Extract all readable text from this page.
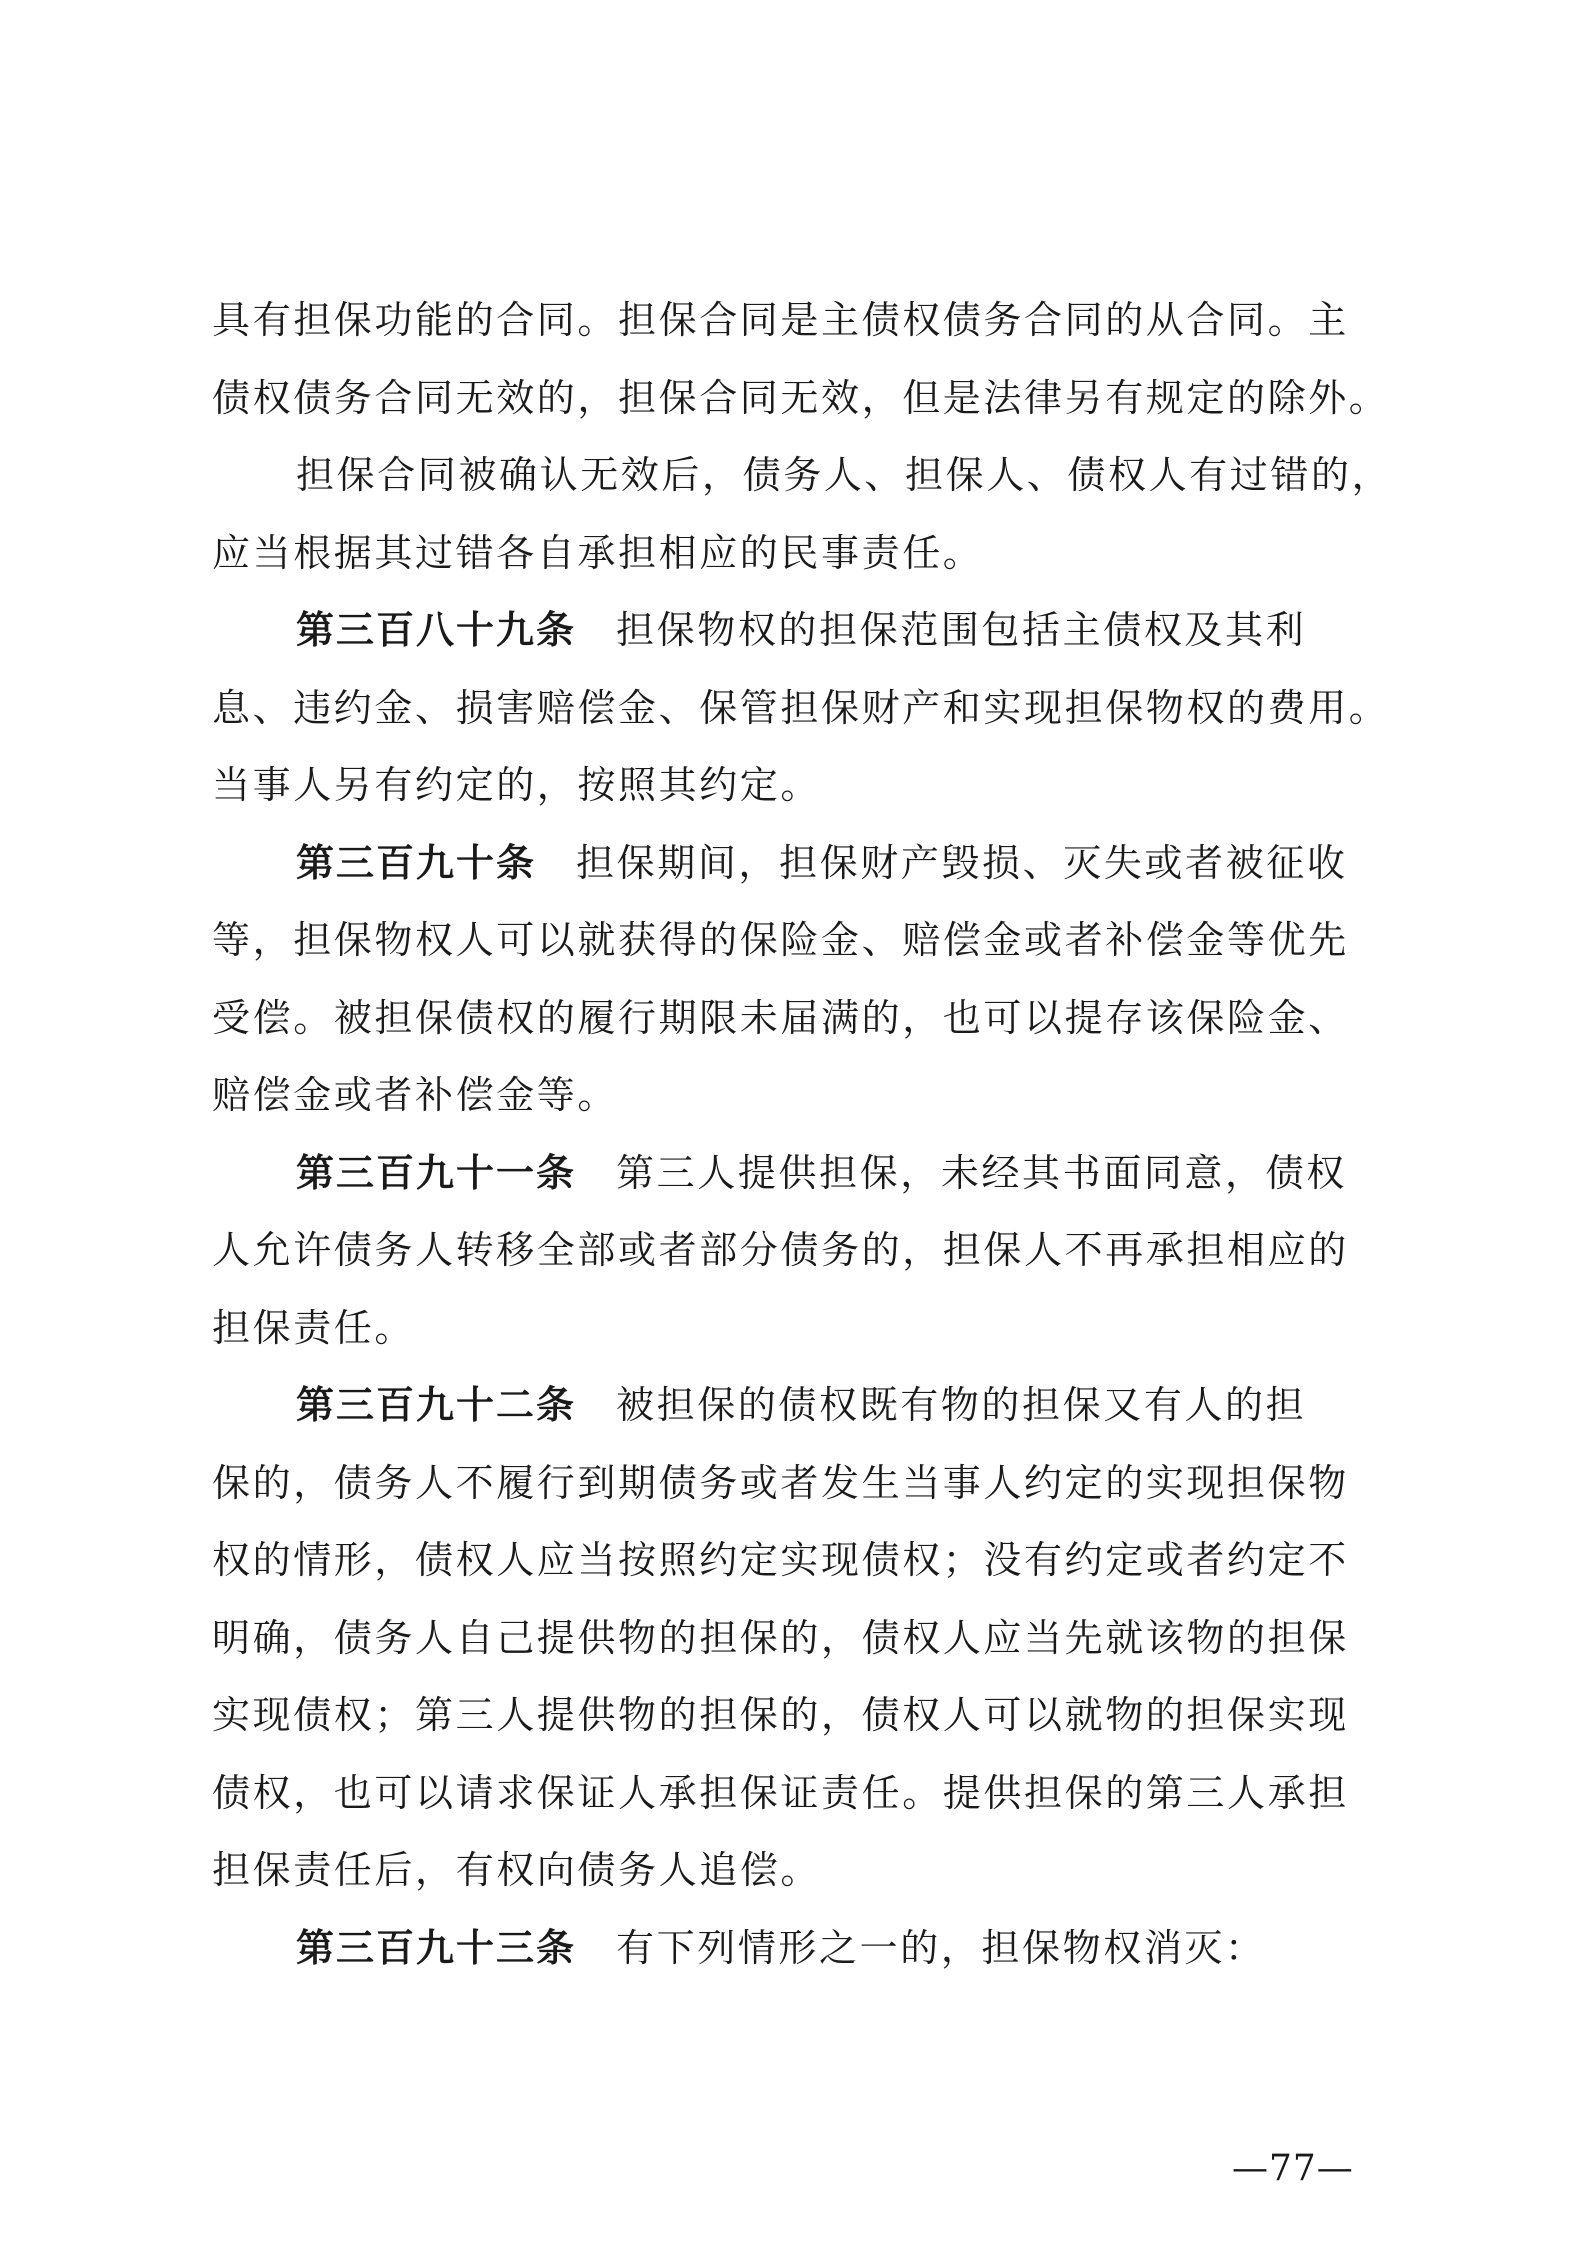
具有担保功能的合同。担保合同是主债权债务合同的从合同。主
债权债务合同无效的，担保合同无效，但是法律另有规定的除外。
担保合同被确认无效后，债务人、担保人、债权人有过错的，
应当根据其过错各自承担相应的民事责任。
第三百八十九条 担保物权的担保范围包括主债权及其利
息、违约金、损害赔偿金、保管担保财产和实现担保物权的费用。
当事人另有约定的，按照其约定。
第三百九十条 担保期间，担保财产毁损、灭失或者被征收
等，担保物权人可以就获得的保险金、赔偿金或者补偿金等优先
受偿。被担保债权的履行期限未届满的，也可以提存该保险金、
赔偿金或者补偿金等。
第三百九十一条 第三人提供担保，未经其书面同意，债权
人允许债务人转移全部或者部分债务的，担保人不再承担相应的
担保责任。
第三百九十二条 被担保的债权既有物的担保又有人的担
保的，债务人不履行到期债务或者发生当事人约定的实现担保物
权的情形，债权人应当按照约定实现债权；没有约定或者约定不
明确，债务人自己提供物的担保的，债权人应当先就该物的担保
实现债权；第三人提供物的担保的，债权人可以就物的担保实现
债权，也可以请求保证人承担保证责任。提供担保的第三人承担
担保责任后，有权向债务人追偿。
第三百九十三条 有下列情形之一的，担保物权消灭：
—77—
